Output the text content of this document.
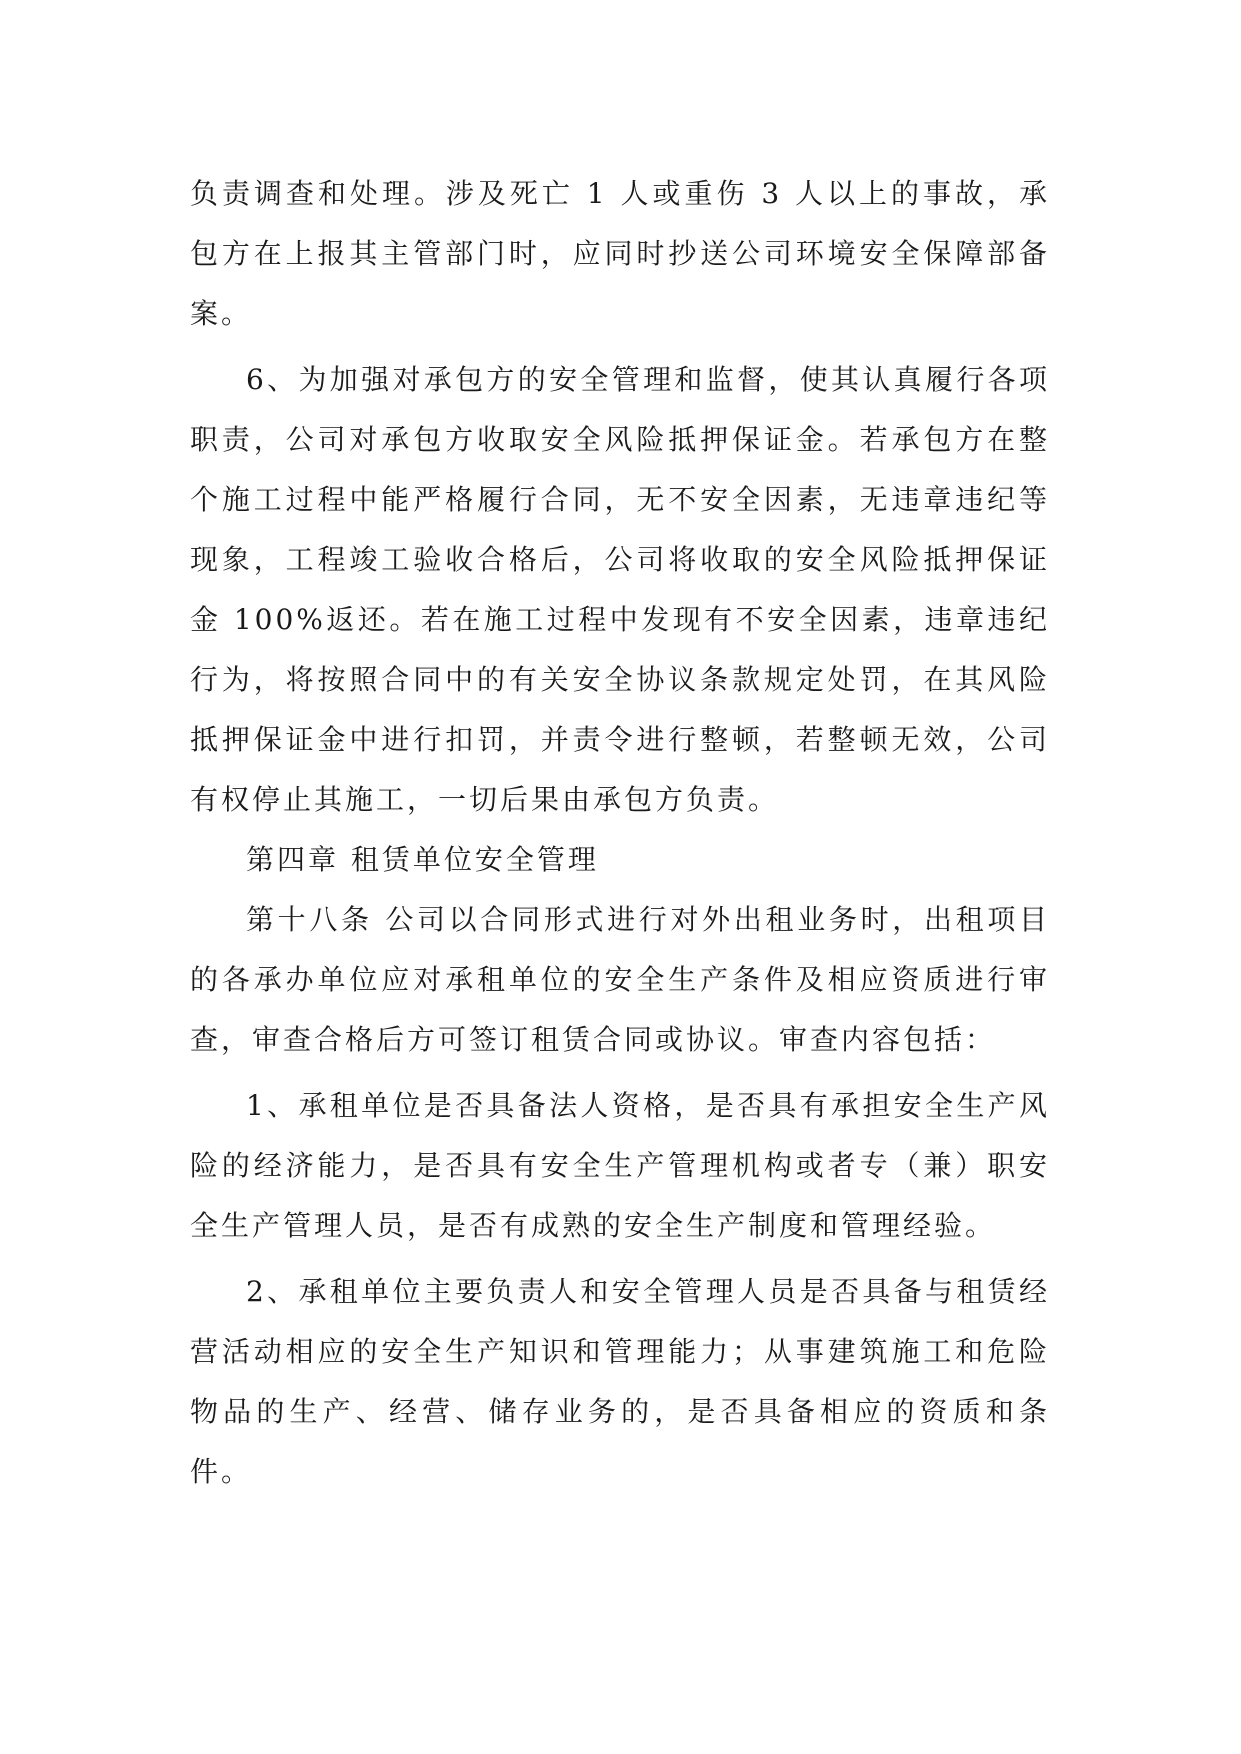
负责调查和处理。涉及死亡 1 人或重伤 3 人以上的事故，承包方在上报其主管部门时，应同时抄送公司环境安全保障部备案。

6、为加强对承包方的安全管理和监督，使其认真履行各项职责，公司对承包方收取安全风险抵押保证金。若承包方在整个施工过程中能严格履行合同，无不安全因素，无违章违纪等现象，工程竣工验收合格后，公司将收取的安全风险抵押保证金 100%返还。若在施工过程中发现有不安全因素，违章违纪行为，将按照合同中的有关安全协议条款规定处罚，在其风险抵押保证金中进行扣罚，并责令进行整顿，若整顿无效，公司有权停止其施工，一切后果由承包方负责。

第四章 租赁单位安全管理

第十八条 公司以合同形式进行对外出租业务时，出租项目的各承办单位应对承租单位的安全生产条件及相应资质进行审查，审查合格后方可签订租赁合同或协议。审查内容包括：

1、承租单位是否具备法人资格，是否具有承担安全生产风险的经济能力，是否具有安全生产管理机构或者专（兼）职安全生产管理人员，是否有成熟的安全生产制度和管理经验。

2、承租单位主要负责人和安全管理人员是否具备与租赁经营活动相应的安全生产知识和管理能力；从事建筑施工和危险物品的生产、经营、储存业务的，是否具备相应的资质和条件。
